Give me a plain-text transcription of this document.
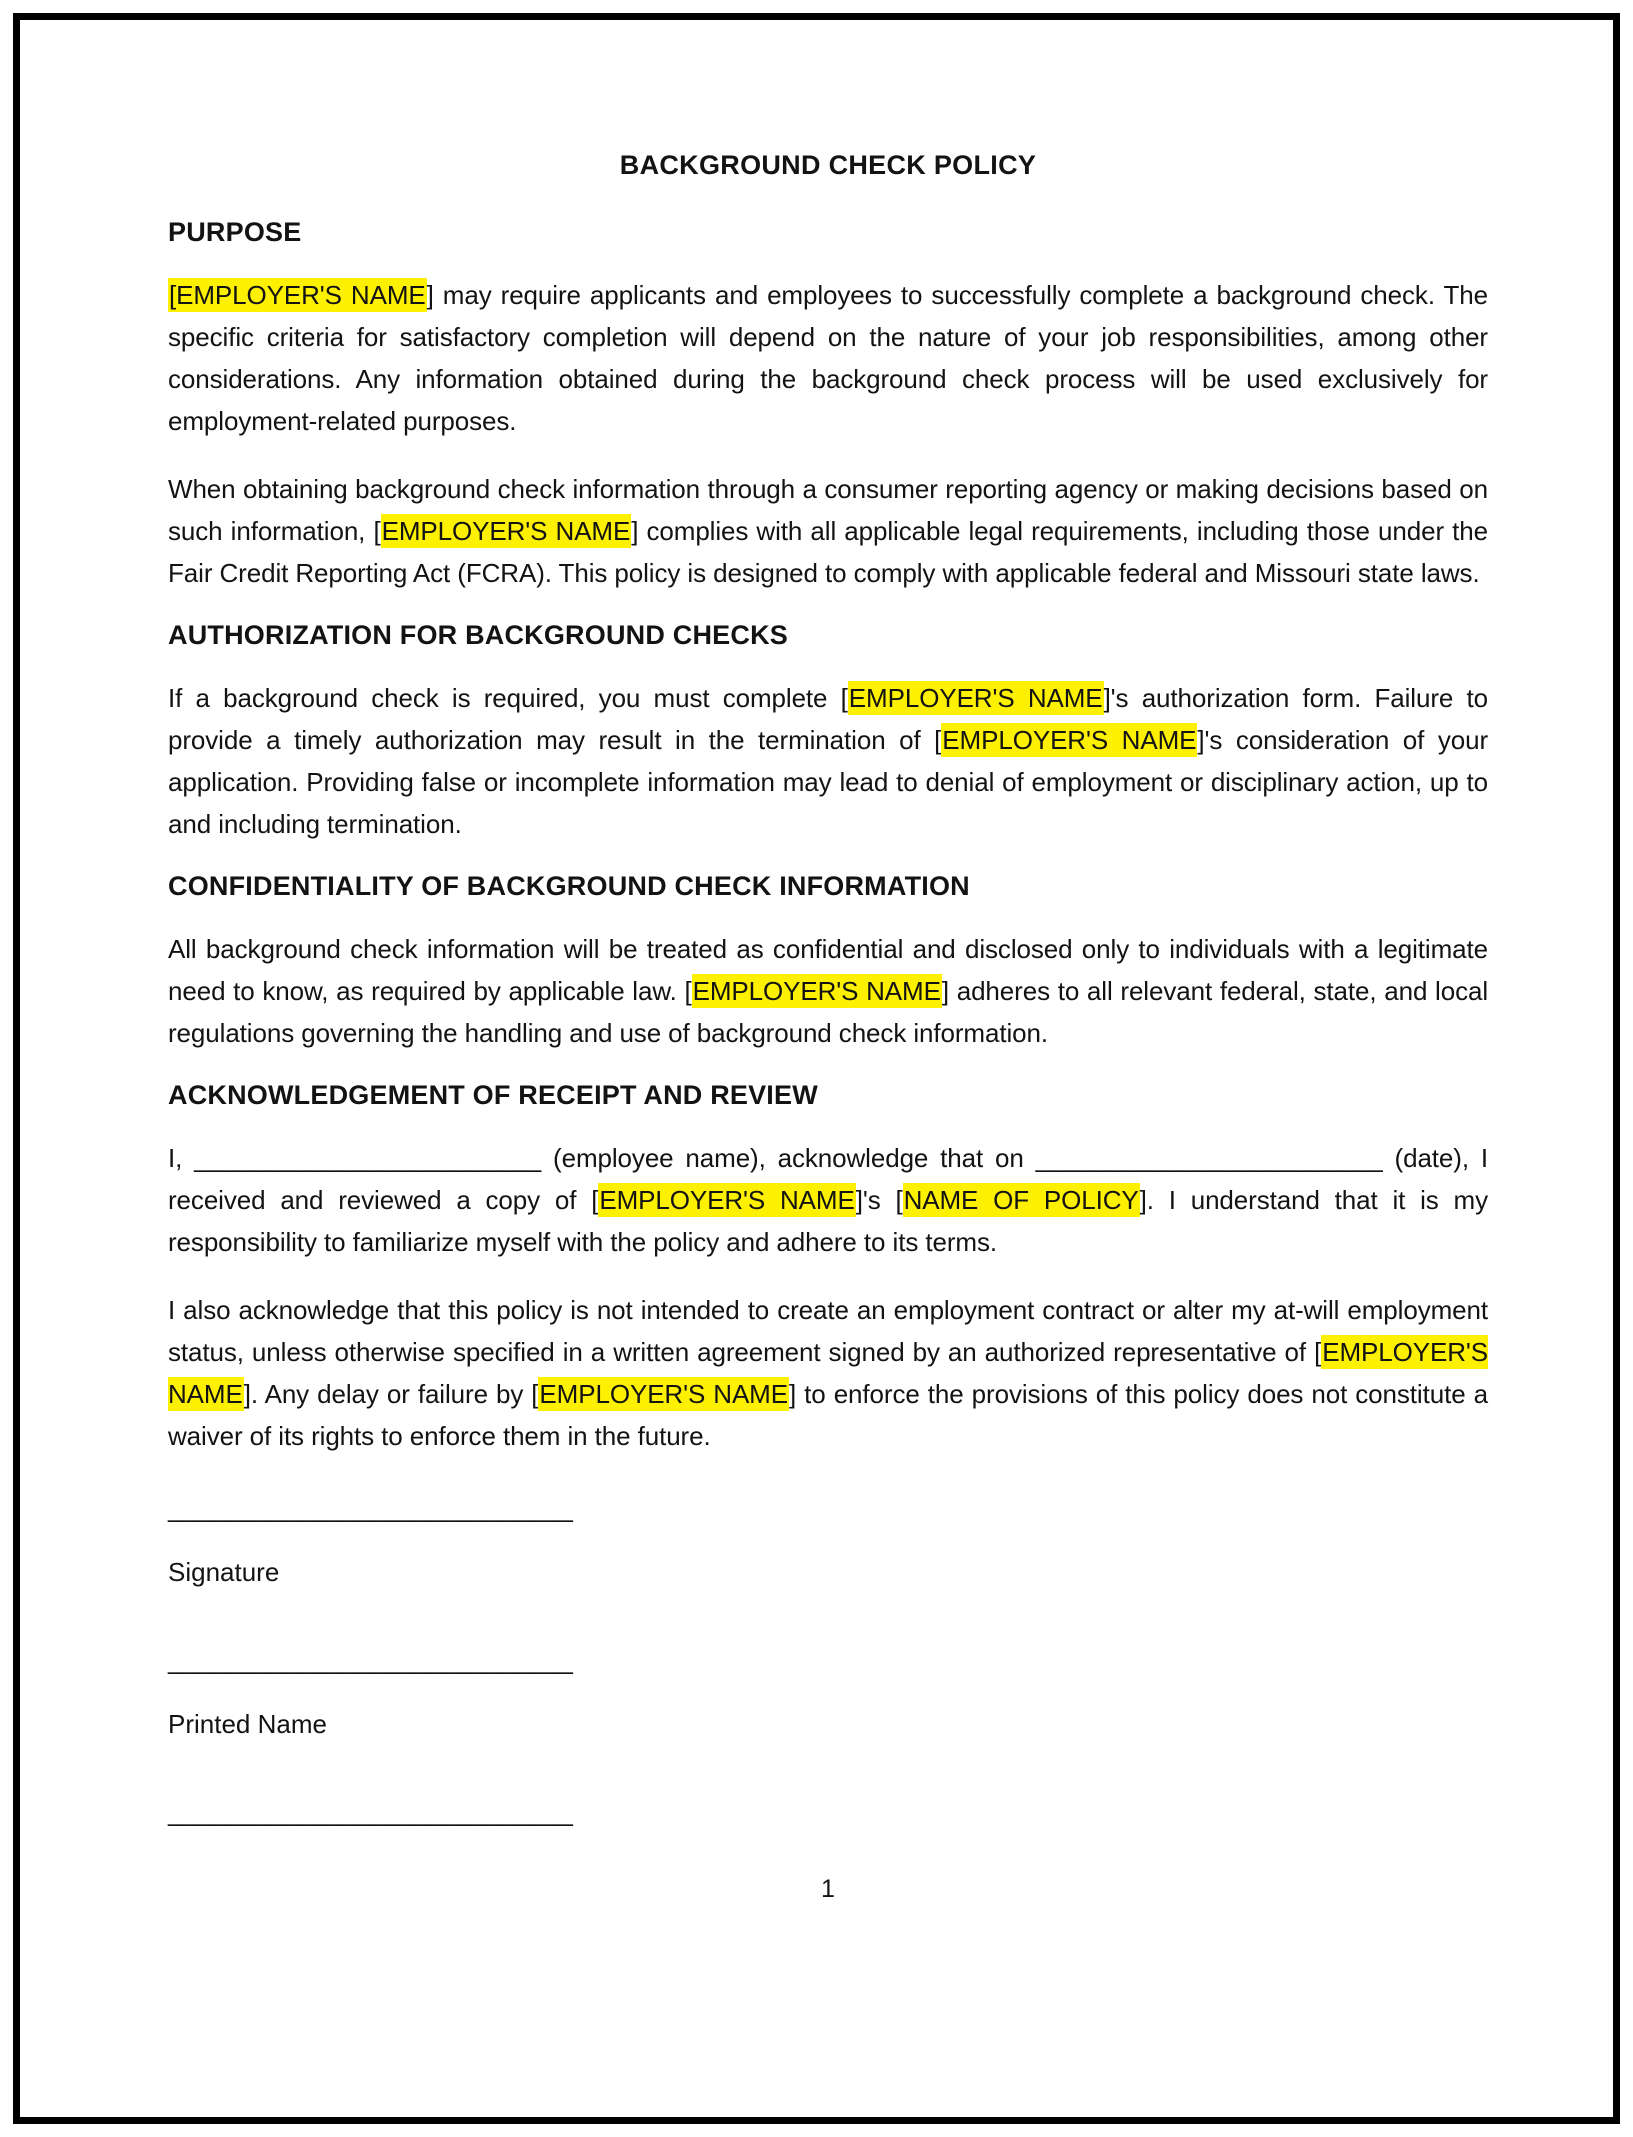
BACKGROUND CHECK POLICY
PURPOSE

[EMPLOYER'S NAME] may require applicants and employees to successfully complete a background check. The specific criteria for satisfactory completion will depend on the nature of your job responsibilities, among other considerations. Any information obtained during the background check process will be used exclusively for employment-related purposes.

When obtaining background check information through a consumer reporting agency or making decisions based on such information, [EMPLOYER'S NAME] complies with all applicable legal requirements, including those under the Fair Credit Reporting Act (FCRA). This policy is designed to comply with applicable federal and Missouri state laws.

AUTHORIZATION FOR BACKGROUND CHECKS

If a background check is required, you must complete [EMPLOYER'S NAME]'s authorization form. Failure to provide a timely authorization may result in the termination of [EMPLOYER'S NAME]'s consideration of your application. Providing false or incomplete information may lead to denial of employment or disciplinary action, up to and including termination.

CONFIDENTIALITY OF BACKGROUND CHECK INFORMATION

All background check information will be treated as confidential and disclosed only to individuals with a legitimate need to know, as required by applicable law. [EMPLOYER'S NAME] adheres to all relevant federal, state, and local regulations governing the handling and use of background check information.

ACKNOWLEDGEMENT OF RECEIPT AND REVIEW

I, ________________________ (employee name), acknowledge that on ________________________ (date), I received and reviewed a copy of [EMPLOYER'S NAME]'s [NAME OF POLICY]. I understand that it is my responsibility to familiarize myself with the policy and adhere to its terms.

I also acknowledge that this policy is not intended to create an employment contract or alter my at-will employment status, unless otherwise specified in a written agreement signed by an authorized representative of [EMPLOYER'S NAME]. Any delay or failure by [EMPLOYER'S NAME] to enforce the provisions of this policy does not constitute a waiver of its rights to enforce them in the future.

____________________________
Signature
____________________________
Printed Name
____________________________
1
